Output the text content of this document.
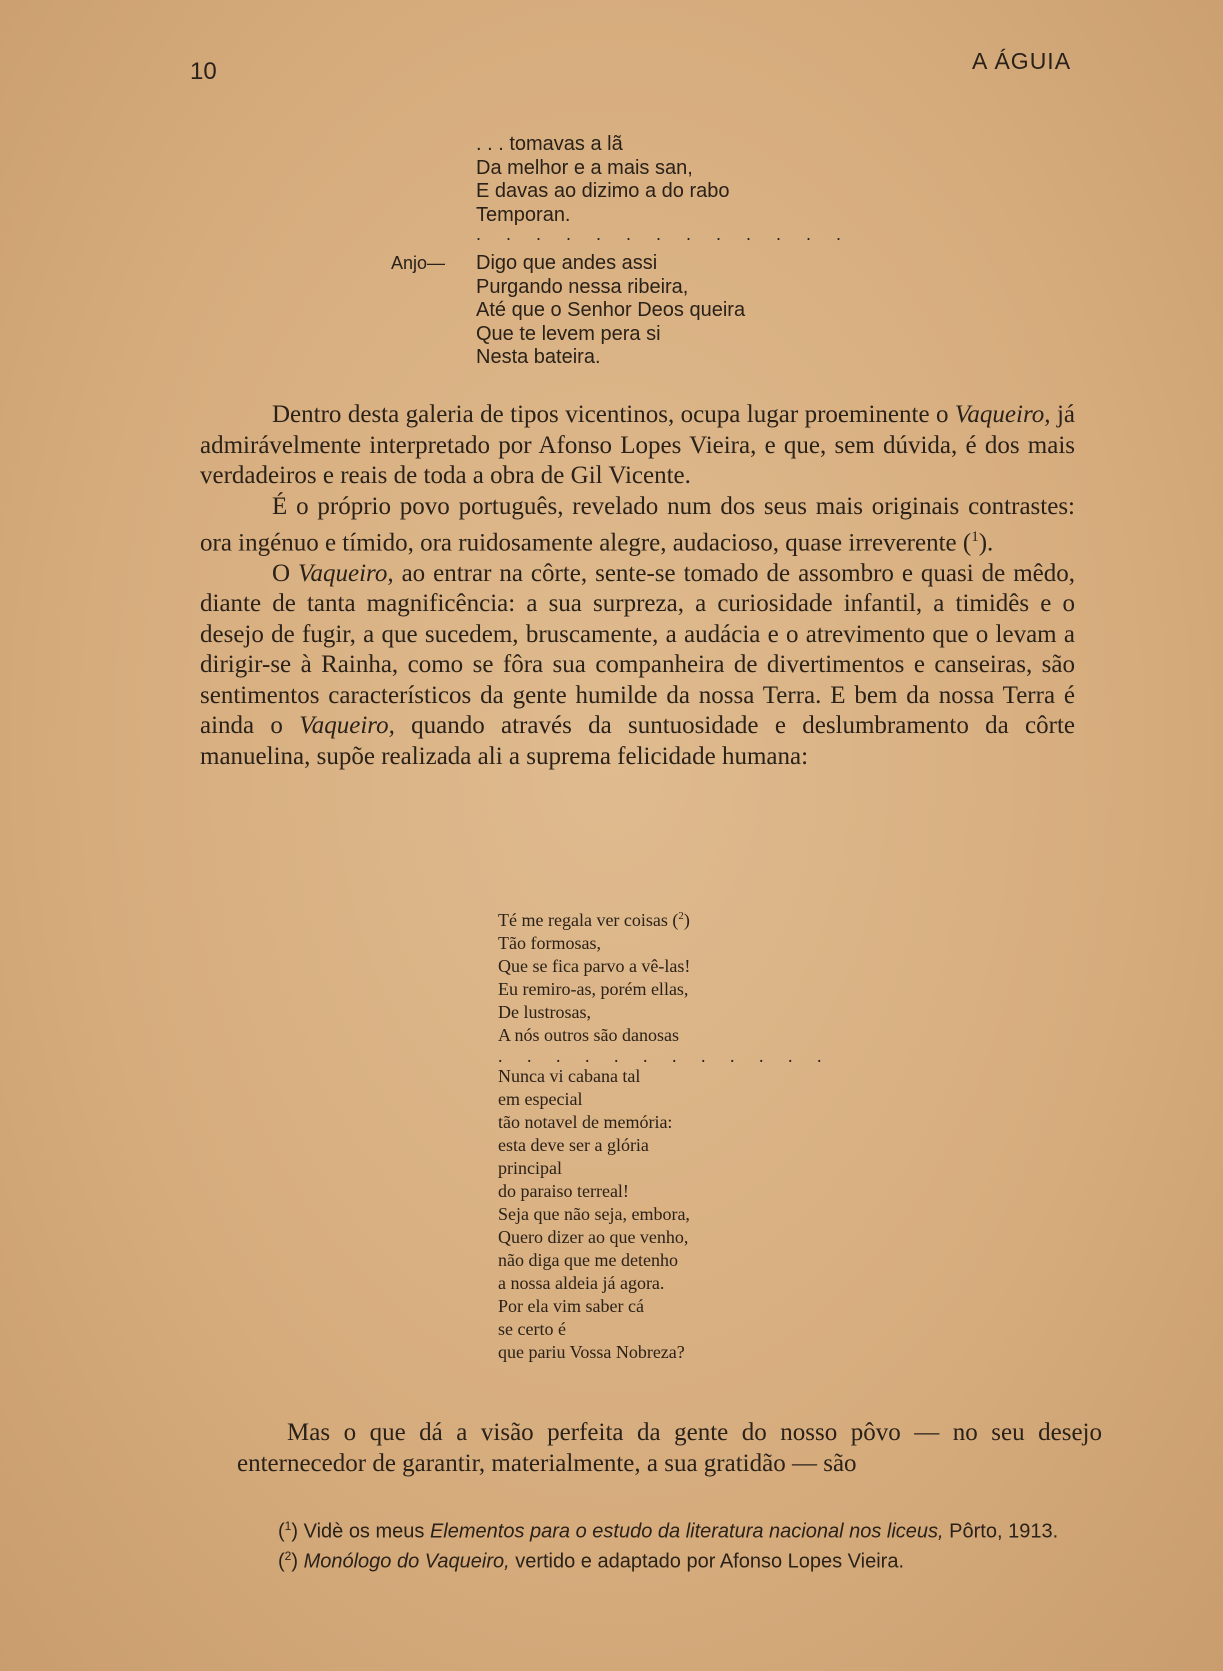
10	A ÁGUIA
. . . tomavas a lã
Da melhor e a mais san,
E davas ao dizimo a do rabo
Temporan.
. . . . . . . . . . . . .
Anjo— Digo que andes assi
Purgando nessa ribeira,
Até que o Senhor Deos queira
Que te levem pera si
Nesta bateira.

Dentro desta galeria de tipos vicentinos, ocupa lugar proeminente o Vaqueiro, já admirávelmente interpretado por Afonso Lopes Vieira, e que, sem dúvida, é dos mais verdadeiros e reais de toda a obra de Gil Vicente.

É o próprio povo português, revelado num dos seus mais originais contrastes: ora ingénuo e tímido, ora ruidosamente alegre, audacioso, quase irreverente ($^1$).

O Vaqueiro, ao entrar na côrte, sente-se tomado de assombro e quasi de mêdo, diante de tanta magnificência: a sua surpreza, a curiosidade infantil, a timidês e o desejo de fugir, a que sucedem, bruscamente, a audácia e o atrevimento que o levam a dirigir-se à Rainha, como se fôra sua companheira de divertimentos e canseiras, são sentimentos característicos da gente humilde da nossa Terra. E bem da nossa Terra é ainda o Vaqueiro, quando através da suntuosidade e deslumbramento da côrte manuelina, supõe realizada ali a suprema felicidade humana:

Té me regala ver coisas ($^2$)
Tão formosas,
Que se fica parvo a vê-las!
Eu remiro-as, porém ellas,
De lustrosas,
A nós outros são danosas
. . . . . . . . . . . .
Nunca vi cabana tal
em especial
tão notavel de memória:
esta deve ser a glória
principal
do paraiso terreal!
Seja que não seja, embora,
Quero dizer ao que venho,
não diga que me detenho
a nossa aldeia já agora.
Por ela vim saber cá
se certo é
que pariu Vossa Nobreza?

Mas o que dá a visão perfeita da gente do nosso pôvo — no seu desejo enternecedor de garantir, materialmente, a sua gratidão — são

($^1$) Vidè os meus Elementos para o estudo da literatura nacional nos liceus, Pôrto, 1913.

($^2$) Monólogo do Vaqueiro, vertido e adaptado por Afonso Lopes Vieira.
